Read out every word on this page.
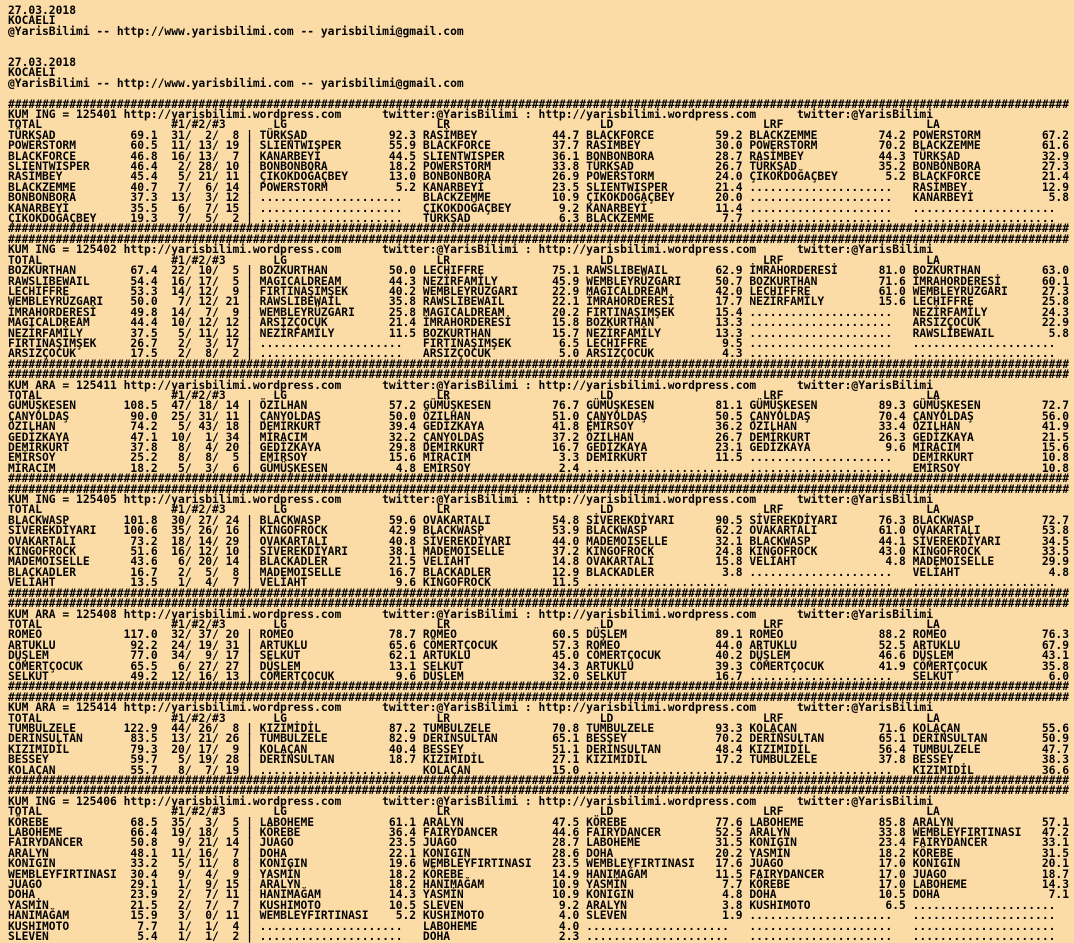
27.03.2018
KOCAELI
@YarisBilimi -- http://www.yarisbilimi.com -- yarisbilimi@gmail.com
27.03.2018
KOCAELI
@YarisBilimi -- http://www.yarisbilimi.com -- yarisbilimi@gmail.com
############################################################################################################################################################
KUM ING = 125401 http://yarisbilimi.wordpress.com      twitter:@YarisBilimi : http://yarisbilimi.wordpress.com      twitter:@YarisBilimi
TOTAL                   #1/#2/#3       LG                      LR                      LD                      LRF                     LA
TÜRKŞAD           69.1  31/  2/  8 | TÜRKŞAD            92.3 RASİMBEY           44.7 BLACKFORCE         59.2 BLACKZEMME         74.2 POWERSTORM         67.2
POWERSTORM        60.5  11/ 13/ 19 | SLIENTWISPER       55.9 BLACKFORCE         37.7 RASİMBEY           30.0 POWERSTORM         70.2 BLACKZEMME         61.6
BLACKFORCE        46.8  16/ 13/  7 | KANARBEYİ          44.5 SLIENTWISPER       36.1 BONBONBORA         28.7 RASİMBEY           44.3 TÜRKŞAD            32.9
SLIENTWISPER      46.4   2/ 28/ 10 | BONBONBORA         18.2 POWERSTORM         33.8 TÜRKŞAD            26.7 TÜRKŞAD            35.2 BONBONBORA         27.3
RASİMBEY          45.4   5/ 21/ 11 | ÇIKOKDOĞAÇBEY      13.0 BONBONBORA         26.9 POWERSTORM         24.0 ÇIKOKDOĞAÇBEY       5.2 BLACKFORCE         21.4
BLACKZEMME        40.7   7/  6/ 14 | POWERSTORM          5.2 KANARBEYİ          23.5 SLIENTWISPER       21.4 .....................   RASİMBEY           12.9
BONBONBORA        37.3  13/  3/ 12 | .....................   BLACKZEMME         10.9 ÇIKOKDOĞAÇBEY      20.0 .....................   KANARBEYİ           5.8
KANARBEYİ         35.5   6/  7/ 15 | .....................   ÇIKOKDOĞAÇBEY       9.2 KANARBEYİ          11.4 .....................   .....................
ÇIKOKDOĞAÇBEY     19.3   7/  5/  2 | .....................   TÜRKŞAD             6.3 BLACKZEMME          7.7 .....................   .....................
############################################################################################################################################################
############################################################################################################################################################
KUM ING = 125402 http://yarisbilimi.wordpress.com      twitter:@YarisBilimi : http://yarisbilimi.wordpress.com      twitter:@YarisBilimi
TOTAL                   #1/#2/#3       LG                      LR                      LD                      LRF                     LA
BOZKURTHAN        67.4  22/ 10/  5 | BOZKURTHAN         50.0 LECHIFFRE          75.1 RAWSLIBEWAIL       62.9 İMRAHORDERESİ      81.0 BOZKURTHAN         63.0
RAWSLIBEWAIL      54.4  16/ 17/  5 | MAGICALDREAM       44.3 NEZİRFAMİLY        45.9 WEMBLEYRÜZGARI     50.7 BOZKURTHAN         71.6 İMRAHORDERESİ      60.1
LECHIFFRE         53.3  14/ 12/  9 | FIRTINAŞIMŞEK      40.2 WEMBLEYRÜZGARI     22.9 MAGICALDREAM       42.0 LECHIFFRE          61.0 WEMBLEYRÜZGARI     27.3
WEMBLEYRÜZGARI    50.0   7/ 12/ 21 | RAWSLIBEWAIL       35.8 RAWSLIBEWAIL       22.1 İMRAHORDERESİ      17.7 NEZİRFAMİLY        15.6 LECHIFFRE          25.8
İMRAHORDERESİ     49.8  14/  7/  9 | WEMBLEYRÜZGARI     25.8 MAGICALDREAM       20.2 FIRTINAŞIMŞEK      15.4 .....................   NEZİRFAMİLY        24.3
MAGICALDREAM      44.4  10/ 12/ 12 | ARSIZÇOCUK         21.4 İMRAHORDERESİ      15.8 BOZKURTHAN         13.3 .....................   ARSIZÇOCUK         22.9
NEZİRFAMİLY       37.5   5/ 11/ 12 | NEZİRFAMİLY        11.5 BOZKURTHAN         15.7 NEZİRFAMİLY        13.3 .....................   RAWSLİBEWAIL        5.8
FIRTINAŞIMŞEK     26.7   2/  3/ 17 | .....................   FIRTINAŞIMŞEK       6.5 LECHIFFRE           9.5 .....................   .....................
ARSIZÇOCUK        17.5   2/  8/  2 | .....................   ARSIZÇOCUK          5.0 ARSIZÇOCUK          4.3 .....................   .....................
############################################################################################################################################################
############################################################################################################################################################
KUM ARA = 125411 http://yarisbilimi.wordpress.com      twitter:@YarisBilimi : http://yarisbilimi.wordpress.com      twitter:@YarisBilimi
TOTAL                   #1/#2/#3       LG                      LR                      LD                      LRF                     LA
GÜMÜŞKESEN       108.5  47/ 18/ 14 | ÖZILHAN            57.2 GÜMÜŞKESEN         76.7 GÜMÜŞKESEN         81.1 GÜMÜŞKESEN         89.3 GÜMÜŞKESEN         72.7
ÇANYOLDAŞ         90.0  25/ 31/ 11 | ÇANYOLDAŞ          50.0 ÖZILHAN            51.0 ÇANYOLDAŞ          50.5 ÇANYOLDAŞ          70.4 ÇANYOLDAŞ          56.0
ÖZILHAN           74.2   5/ 43/ 18 | DEMİRKURT          39.4 GEDİZKAYA          41.8 EMİRSOY            36.2 ÖZILHAN            33.4 ÖZILHAN            41.9
GEDİZKAYA         47.1  10/  1/ 34 | MİRACIM            32.2 ÇANYOLDAŞ          37.2 ÖZILHAN            26.7 DEMİRKURT          26.3 GEDİZKAYA          21.5
DEMİRKURT         37.8   8/  4/ 20 | GEDİZKAYA          29.8 DEMİRKURT          16.7 GEDİZKAYA          23.1 GEDİZKAYA           9.6 MİRACIM            15.6
EMİRSOY           25.2   8/  8/  5 | EMİRSOY            15.6 MİRACIM             3.3 DEMİRKURT          11.5 .....................   DEMİRKURT          10.8
MİRACIM           18.2   5/  3/  6 | GÜMÜŞKESEN          4.8 EMİRSOY             2.4 .....................   .....................   EMİRSOY            10.8
############################################################################################################################################################
############################################################################################################################################################
KUM ING = 125405 http://yarisbilimi.wordpress.com      twitter:@YarisBilimi : http://yarisbilimi.wordpress.com      twitter:@YarisBilimi
TOTAL                   #1/#2/#3       LG                      LR                      LD                      LRF                     LA
BLACKWASP        101.8  30/ 27/ 24 | BLACKWASP          59.6 OVAKARTALI         54.8 SİVEREKDİYARI      90.5 SİVEREKDİYARI      76.3 BLACKWASP          72.7
SİVEREKDİYARI    100.6  35/ 26/ 16 | KINGOFROCK         42.9 BLACKWASP          53.9 BLACKWASP          62.2 OVAKARTALI         61.0 OVAKARTALI         53.8
OVAKARTALI        73.2  18/ 14/ 29 | OVAKARTALI         40.8 SİVEREKDİYARI      44.0 MADEMOISELLE       32.1 BLACKWASP          44.1 SİVEREKDİYARI      34.5
KINGOFROCK        51.6  16/ 12/ 10 | SİVEREKDİYARI      38.1 MADEMOISELLE       37.2 KINGOFROCK         24.8 KINGOFROCK         43.0 KINGOFROCK         33.5
MADEMOISELLE      43.6   6/ 20/ 14 | BLACKADLER         21.5 VELİAHT            14.8 OVAKARTALI         15.8 VELİAHT             4.8 MADEMOISELLE       29.9
BLACKADLER        16.7   2/  5/  8 | MADEMOISELLE       16.7 BLACKADLER         12.9 BLACKADLER          3.8 .....................   VELİAHT             4.8
VELİAHT           13.5   1/  4/  7 | VELİAHT             9.6 KINGOFROCK         11.5 .....................   .....................   .....................
############################################################################################################################################################
############################################################################################################################################################
KUM ARA = 125408 http://yarisbilimi.wordpress.com      twitter:@YarisBilimi : http://yarisbilimi.wordpress.com      twitter:@YarisBilimi
TOTAL                   #1/#2/#3       LG                      LR                      LD                      LRF                     LA
ROMEO            117.0  32/ 37/ 20 | ROMEO              78.7 ROMEO              60.5 DÜŞLEM             89.1 ROMEO              88.2 ROMEO              76.3
ARTUKLU           92.2  24/ 19/ 31 | ARTUKLU            65.6 CÖMERTÇOCUK        57.3 ROMEO              44.0 ARTUKLU            52.5 ARTUKLU            67.9
DÜŞLEM            77.0  34/  9/ 17 | SELKUT             62.1 ARTUKLU            45.0 CÖMERTÇOCUK        40.2 DÜŞLEM             46.6 DÜŞLEM             43.1
CÖMERTÇOCUK       65.5   6/ 27/ 27 | DÜŞLEM             13.1 SELKUT             34.3 ARTUKLU            39.3 CÖMERTÇOCUK        41.9 CÖMERTÇOCUK        35.8
SELKUT            49.2  12/ 16/ 13 | CÖMERTÇOCUK         9.6 DÜŞLEM             32.0 SELKUT             16.7 .....................   SELKUT              6.0
############################################################################################################################################################
############################################################################################################################################################
KUM ARA = 125414 http://yarisbilimi.wordpress.com      twitter:@YarisBilimi : http://yarisbilimi.wordpress.com      twitter:@YarisBilimi
TOTAL                   #1/#2/#3       LG                      LR                      LD                      LRF                     LA
TUMBULZELE       122.9  44/ 26/  8 | KIZIMİDİL          87.2 TUMBULZELE         70.8 TUMBULZELE         93.3 KOLAÇAN            71.6 KOLAÇAN            55.6
DERİNSULTAN       83.5  13/ 21/ 26 | TUMBULZELE         82.9 DERİNSULTAN        65.1 BESSEY             70.2 DERİNSULTAN        65.1 DERİNSULTAN        50.9
KIZIMIDİL         79.3  20/ 17/  9 | KOLAÇAN            40.4 BESSEY             51.1 DERİNSULTAN        48.4 KIZIMIDİL          56.4 TUMBULZELE         47.7
BESSEY            59.7   5/ 19/ 28 | DERİNSULTAN        18.7 KIZIMIDİL          27.1 KIZIMIDİL          17.2 TUMBULZELE         37.8 BESSEY             38.3
KOLAÇAN           55.7   8/  7/ 19 | .....................   KOLAÇAN            15.0 .....................   .....................   KIZIMIDİL          36.6
############################################################################################################################################################
############################################################################################################################################################
KUM ING = 125406 http://yarisbilimi.wordpress.com      twitter:@YarisBilimi : http://yarisbilimi.wordpress.com      twitter:@YarisBilimi
TOTAL                   #1/#2/#3       LG                      LR                      LD                      LRF                     LA
KÖREBE            68.5  35/  3/  5 | LABOHEME           61.1 ARALYN             47.5 KÖREBE             77.6 LABOHEME           85.8 ARALYN             57.1
LABOHEME          66.4  19/ 18/  5 | KÖREBE             36.4 FAIRYDANCER        44.6 FAIRYDANCER        52.5 ARALYN             33.8 WEMBLEYFIRTINASI   47.2
FAIRYDANCER       50.8   9/ 21/ 14 | JUAGO              23.5 JUAGO              28.7 LABOHEME           31.5 KONIGIN            23.4 FAIRYDANCER        33.1
ARALYN            48.1  11/ 16/  7 | DOHA               22.1 KONIGIN            28.6 DOHA               20.2 YASMİN             18.2 KÖREBE             31.5
KONIGIN           33.2   5/ 11/  8 | KONIGIN            19.6 WEMBLEYFIRTINASI   23.5 WEMBLEYFIRTINASI   17.6 JUAGO              17.0 KONIGIN            20.1
WEMBLEYFIRTINASI  30.4   9/  4/  9 | YASMİN             18.2 KÖREBE             14.9 HANIMAĞAM          11.5 FAIRYDANCER        17.0 JUAGO              18.7
JUAGO             29.1   1/  9/ 15 | ARALYN             18.2 HANIMAĞAM          10.9 YASMİN              7.7 KÖREBE             17.0 LABOHEME           14.3
DOHA              23.9   2/  7/ 11 | HANIMAĞAM          14.3 YASMİN             10.9 KONIGIN             4.8 DOHA               10.5 DOHA                7.1
YASMİN            21.5   2/  7/  7 | KUSHIMOTO          10.5 SLEVEN              9.2 ARALYN              3.8 KUSHIMOTO           6.5 .....................
HANIMAĞAM         15.9   3/  0/ 11 | WEMBLEYFIRTINASI    5.2 KUSHIMOTO           4.0 SLEVEN              1.9 .....................   .....................
KUSHIMOTO          7.7   1/  1/  4 | .....................   LABOHEME            4.0 .....................   .....................   .....................
SLEVEN             5.4   1/  1/  2 | .....................   DOHA                2.3 .....................   .....................   .....................
